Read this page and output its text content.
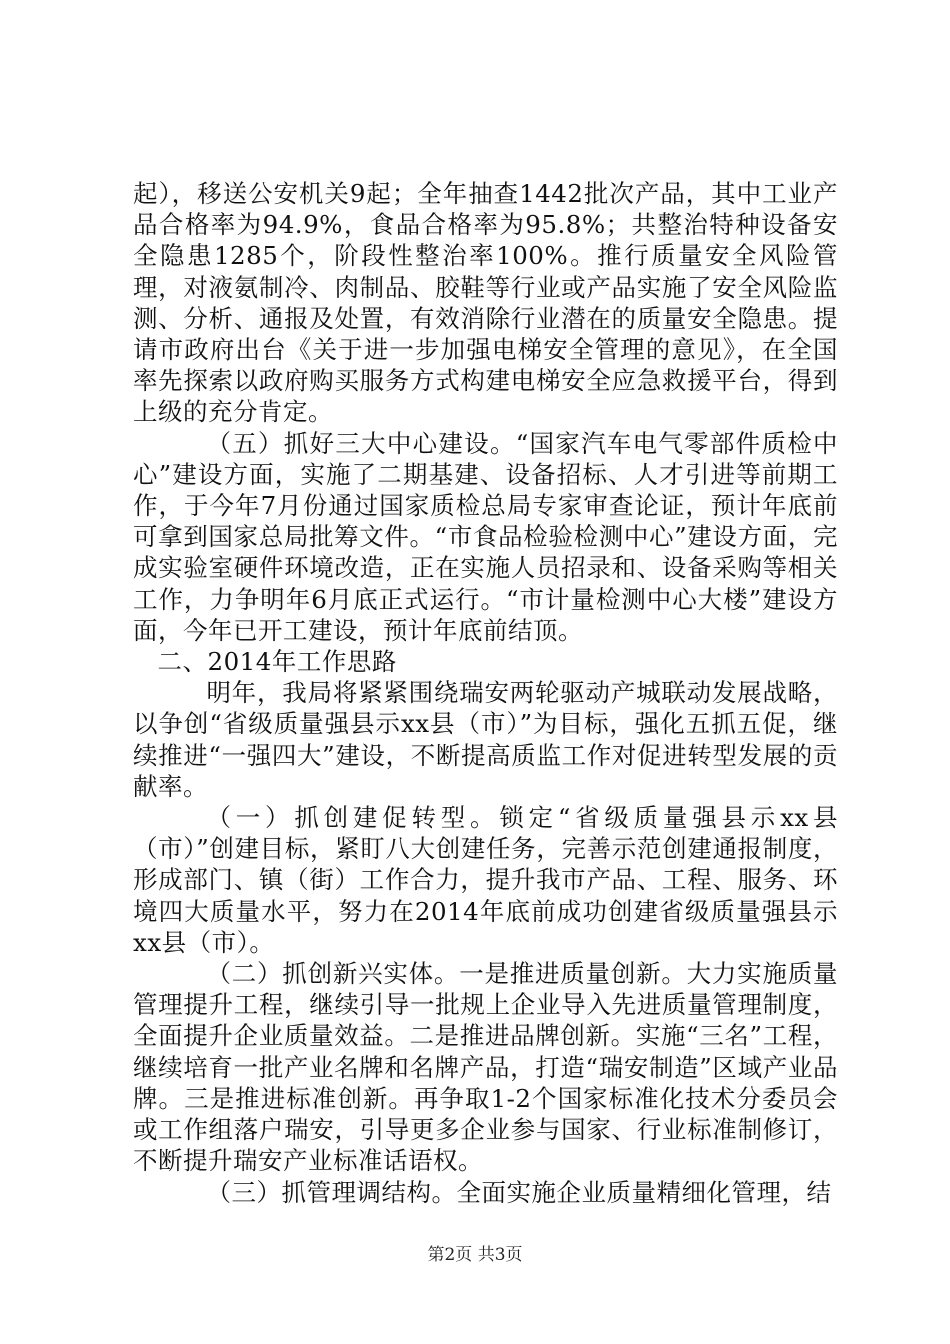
起），移送公安机关9起；全年抽查1442批次产品，其中工业产品合格率为94.9%，食品合格率为95.8%；共整治特种设备安全隐患1285个，阶段性整治率100%。推行质量安全风险管理，对液氨制冷、肉制品、胶鞋等行业或产品实施了安全风险监测、分析、通报及处置，有效消除行业潜在的质量安全隐患。提请市政府出台《关于进一步加强电梯安全管理的意见》，在全国率先探索以政府购买服务方式构建电梯安全应急救援平台，得到上级的充分肯定。

（五）抓好三大中心建设。“国家汽车电气零部件质检中心”建设方面，实施了二期基建、设备招标、人才引进等前期工作，于今年7月份通过国家质检总局专家审查论证，预计年底前可拿到国家总局批筹文件。“市食品检验检测中心”建设方面，完成实验室硬件环境改造，正在实施人员招录和、设备采购等相关工作，力争明年6月底正式运行。“市计量检测中心大楼”建设方面，今年已开工建设，预计年底前结顶。

二、2014年工作思路

明年，我局将紧紧围绕瑞安两轮驱动产城联动发展战略，以争创“省级质量强县示xx县（市）”为目标，强化五抓五促，继续推进“一强四大”建设，不断提高质监工作对促进转型发展的贡献率。

（一）抓创建促转型。锁定“省级质量强县示xx县（市）”创建目标，紧盯八大创建任务，完善示范创建通报制度，形成部门、镇（街）工作合力，提升我市产品、工程、服务、环境四大质量水平，努力在2014年底前成功创建省级质量强县示xx县（市）。

（二）抓创新兴实体。一是推进质量创新。大力实施质量管理提升工程，继续引导一批规上企业导入先进质量管理制度，全面提升企业质量效益。二是推进品牌创新。实施“三名”工程，继续培育一批产业名牌和名牌产品，打造“瑞安制造”区域产业品牌。三是推进标准创新。再争取1-2个国家标准化技术分委员会或工作组落户瑞安，引导更多企业参与国家、行业标准制修订，不断提升瑞安产业标准话语权。

（三）抓管理调结构。全面实施企业质量精细化管理，结

第2页 共3页
